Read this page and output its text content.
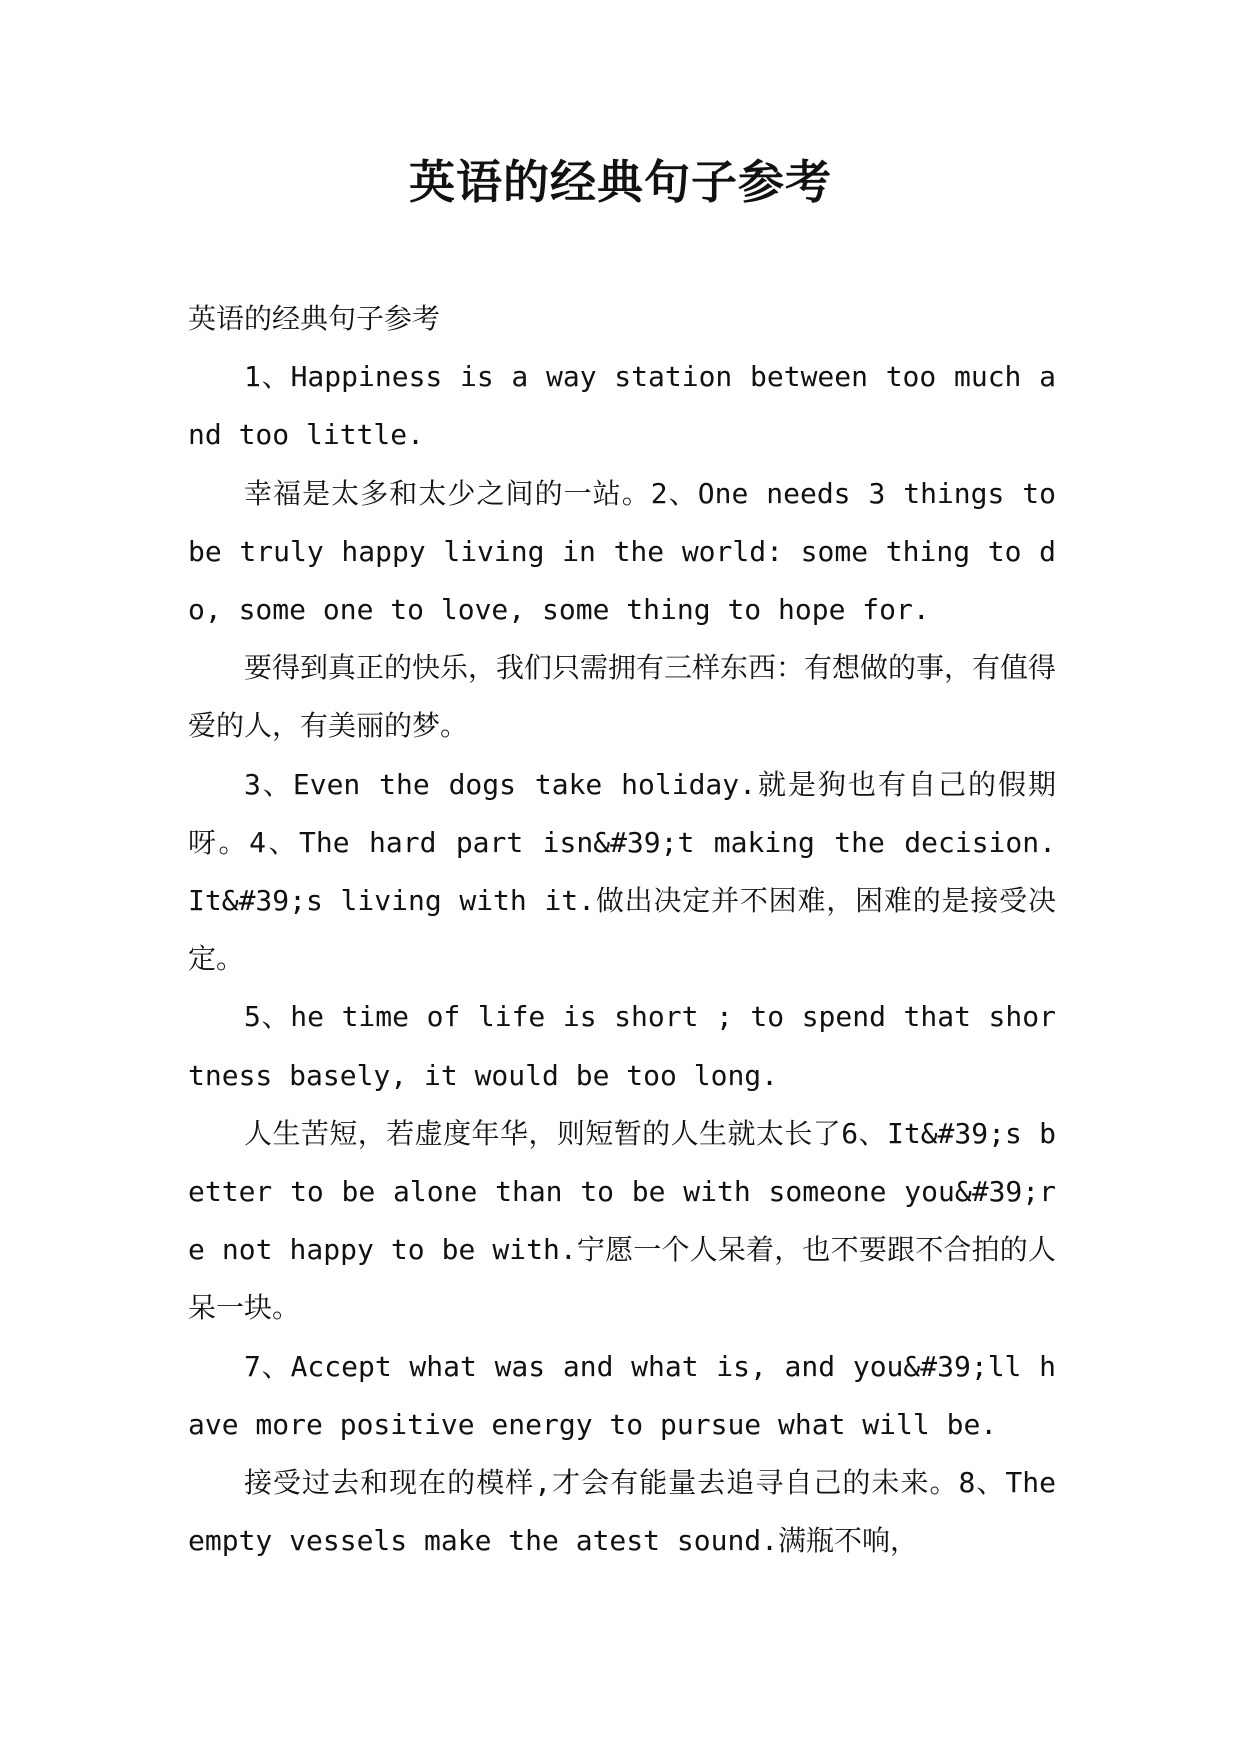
英语的经典句子参考

英语的经典句子参考

1、Happiness is a way station between too much and too little.

幸福是太多和太少之间的一站。2、One needs 3 things to be truly happy living in the world: some thing to do, some one to love, some thing to hope for.

要得到真正的快乐，我们只需拥有三样东西：有想做的事，有值得爱的人，有美丽的梦。

3、Even the dogs take holiday.就是狗也有自己的假期呀。4、The hard part isn&#39;t making the decision. It&#39;s living with it.做出决定并不困难，困难的是接受决定。

5、he time of life is short ; to spend that shortness basely, it would be too long.

人生苦短，若虚度年华，则短暂的人生就太长了6、It&#39;s better to be alone than to be with someone you&#39;re not happy to be with.宁愿一个人呆着，也不要跟不合拍的人呆一块。

7、Accept what was and what is, and you&#39;ll have more positive energy to pursue what will be.

接受过去和现在的模样,才会有能量去追寻自己的未来。8、The empty vessels make the atest sound.满瓶不响，
